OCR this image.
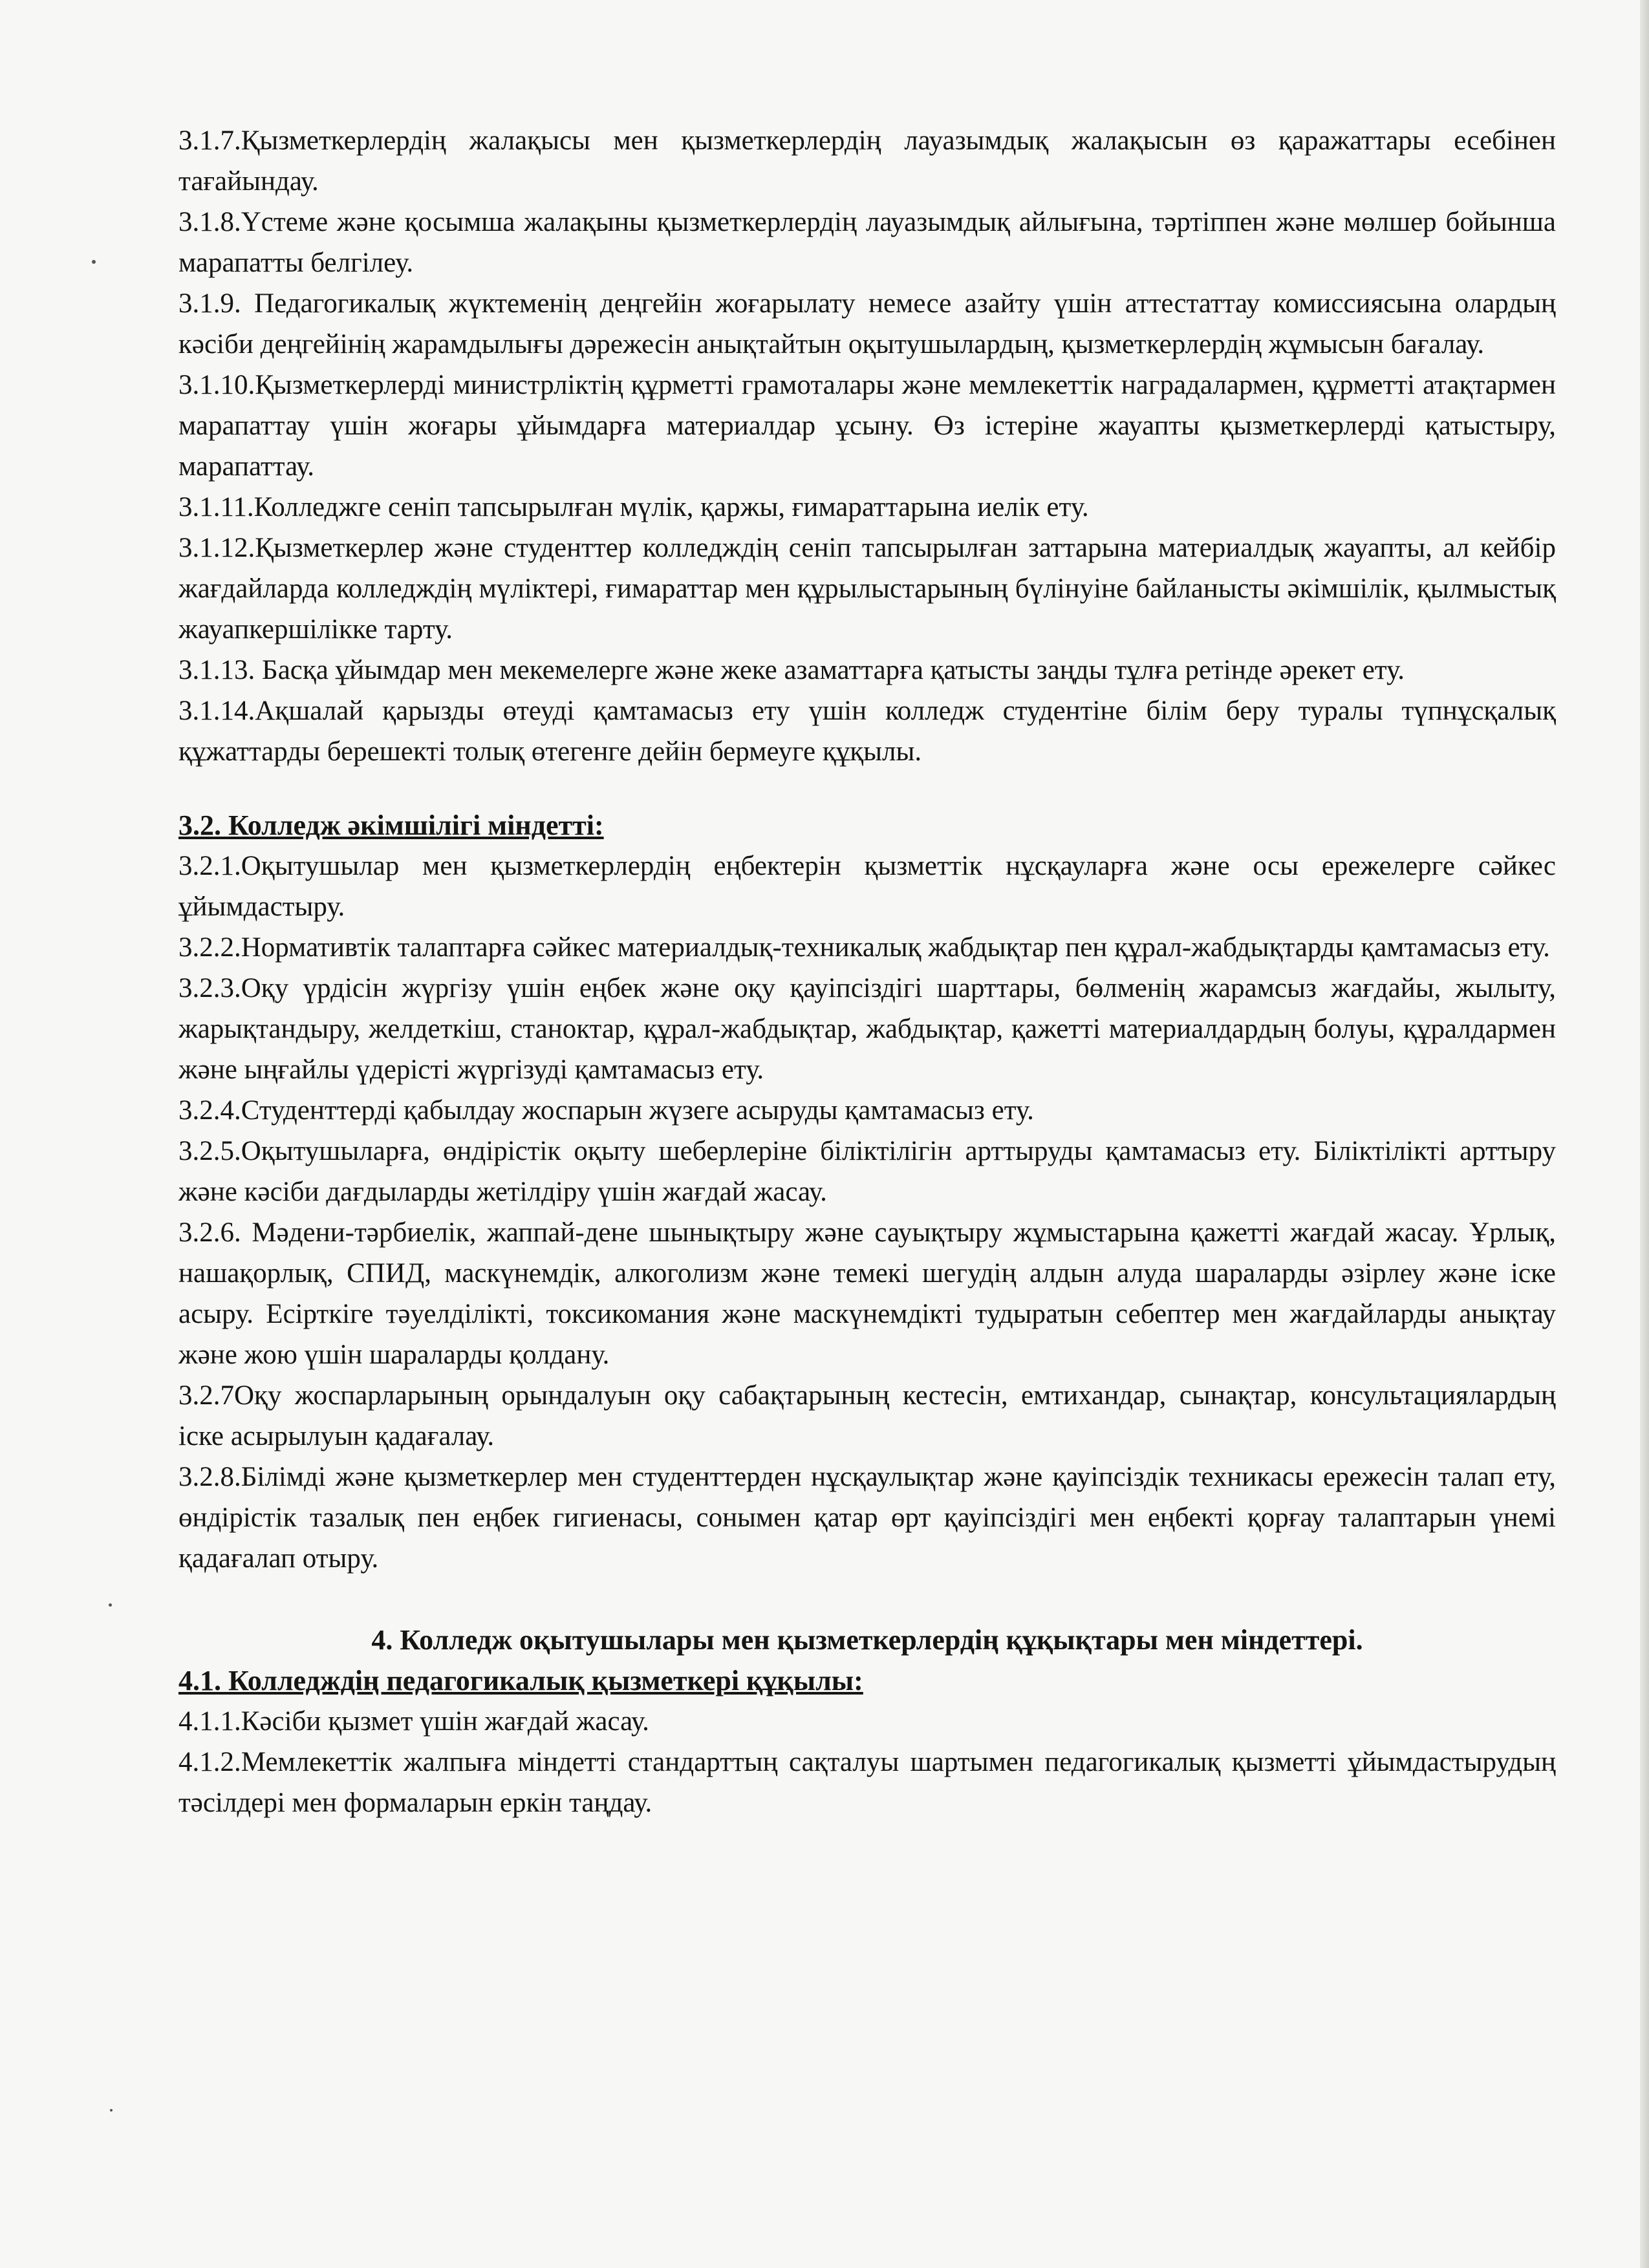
3.1.7.Қызметкерлердің жалақысы мен қызметкерлердің лауазымдық жалақысын өз қаражаттары есебінен тағайындау.

3.1.8.Үстеме және қосымша жалақыны қызметкерлердің лауазымдық айлығына, тәртіппен және мөлшер бойынша марапатты белгілеу.

3.1.9. Педагогикалық жүктеменің деңгейін жоғарылату немесе азайту үшін аттестаттау комиссиясына олардың кәсіби деңгейінің жарамдылығы дәрежесін анықтайтын оқытушылардың, қызметкерлердің жұмысын бағалау.

3.1.10.Қызметкерлерді министрліктің құрметті грамоталары және мемлекеттік наградалармен, құрметті атақтармен марапаттау үшін жоғары ұйымдарға материалдар ұсыну. Өз істеріне жауапты қызметкерлерді қатыстыру, марапаттау.

3.1.11.Колледжге сеніп тапсырылған мүлік, қаржы, ғимараттарына иелік ету.

3.1.12.Қызметкерлер және студенттер колледждің сеніп тапсырылған заттарына материалдық жауапты, ал кейбір жағдайларда колледждің мүліктері, ғимараттар мен құрылыстарының бүлінуіне байланысты әкімшілік, қылмыстық жауапкершілікке тарту.

3.1.13. Басқа ұйымдар мен мекемелерге және жеке азаматтарға қатысты заңды тұлға ретінде әрекет ету.

3.1.14.Ақшалай қарызды өтеуді қамтамасыз ету үшін колледж студентіне білім беру туралы түпнұсқалық құжаттарды берешекті толық өтегенге дейін бермеуге құқылы.

3.2. Колледж әкімшілігі міндетті:

3.2.1.Оқытушылар мен қызметкерлердің еңбектерін қызметтік нұсқауларға және осы ережелерге сәйкес ұйымдастыру.

3.2.2.Нормативтік талаптарға сәйкес материалдық-техникалық жабдықтар пен құрал-жабдықтарды қамтамасыз ету.

3.2.3.Оқу үрдісін жүргізу үшін еңбек және оқу қауіпсіздігі шарттары, бөлменің жарамсыз жағдайы, жылыту, жарықтандыру, желдеткіш, станоктар, құрал-жабдықтар, жабдықтар, қажетті материалдардың болуы, құралдармен және ыңғайлы үдерісті жүргізуді қамтамасыз ету.

3.2.4.Студенттерді қабылдау жоспарын жүзеге асыруды қамтамасыз ету.

3.2.5.Оқытушыларға, өндірістік оқыту шеберлеріне біліктілігін арттыруды қамтамасыз ету. Біліктілікті арттыру және кәсіби дағдыларды жетілдіру үшін жағдай жасау.

3.2.6. Мәдени-тәрбиелік, жаппай-дене шынықтыру және сауықтыру жұмыстарына қажетті жағдай жасау. Ұрлық, нашақорлық, СПИД, маскүнемдік, алкоголизм және темекі шегудің алдын алуда шараларды әзірлеу және іске асыру. Есірткіге тәуелділікті, токсикомания және маскүнемдікті тудыратын себептер мен жағдайларды анықтау және жою үшін шараларды қолдану.

3.2.7Оқу жоспарларының орындалуын оқу сабақтарының кестесін, емтихандар, сынақтар, консультациялардың іске асырылуын қадағалау.

3.2.8.Білімді және қызметкерлер мен студенттерден нұсқаулықтар және қауіпсіздік техникасы ережесін талап ету, өндірістік тазалық пен еңбек гигиенасы, сонымен қатар өрт қауіпсіздігі мен еңбекті қорғау талаптарын үнемі қадағалап отыру.

4. Колледж оқытушылары мен қызметкерлердің құқықтары мен міндеттері.

4.1. Колледждің педагогикалық қызметкері құқылы:

4.1.1.Кәсіби қызмет үшін жағдай жасау.

4.1.2.Мемлекеттік жалпыға міндетті стандарттың сақталуы шартымен педагогикалық қызметті ұйымдастырудың тәсілдері мен формаларын еркін таңдау.
